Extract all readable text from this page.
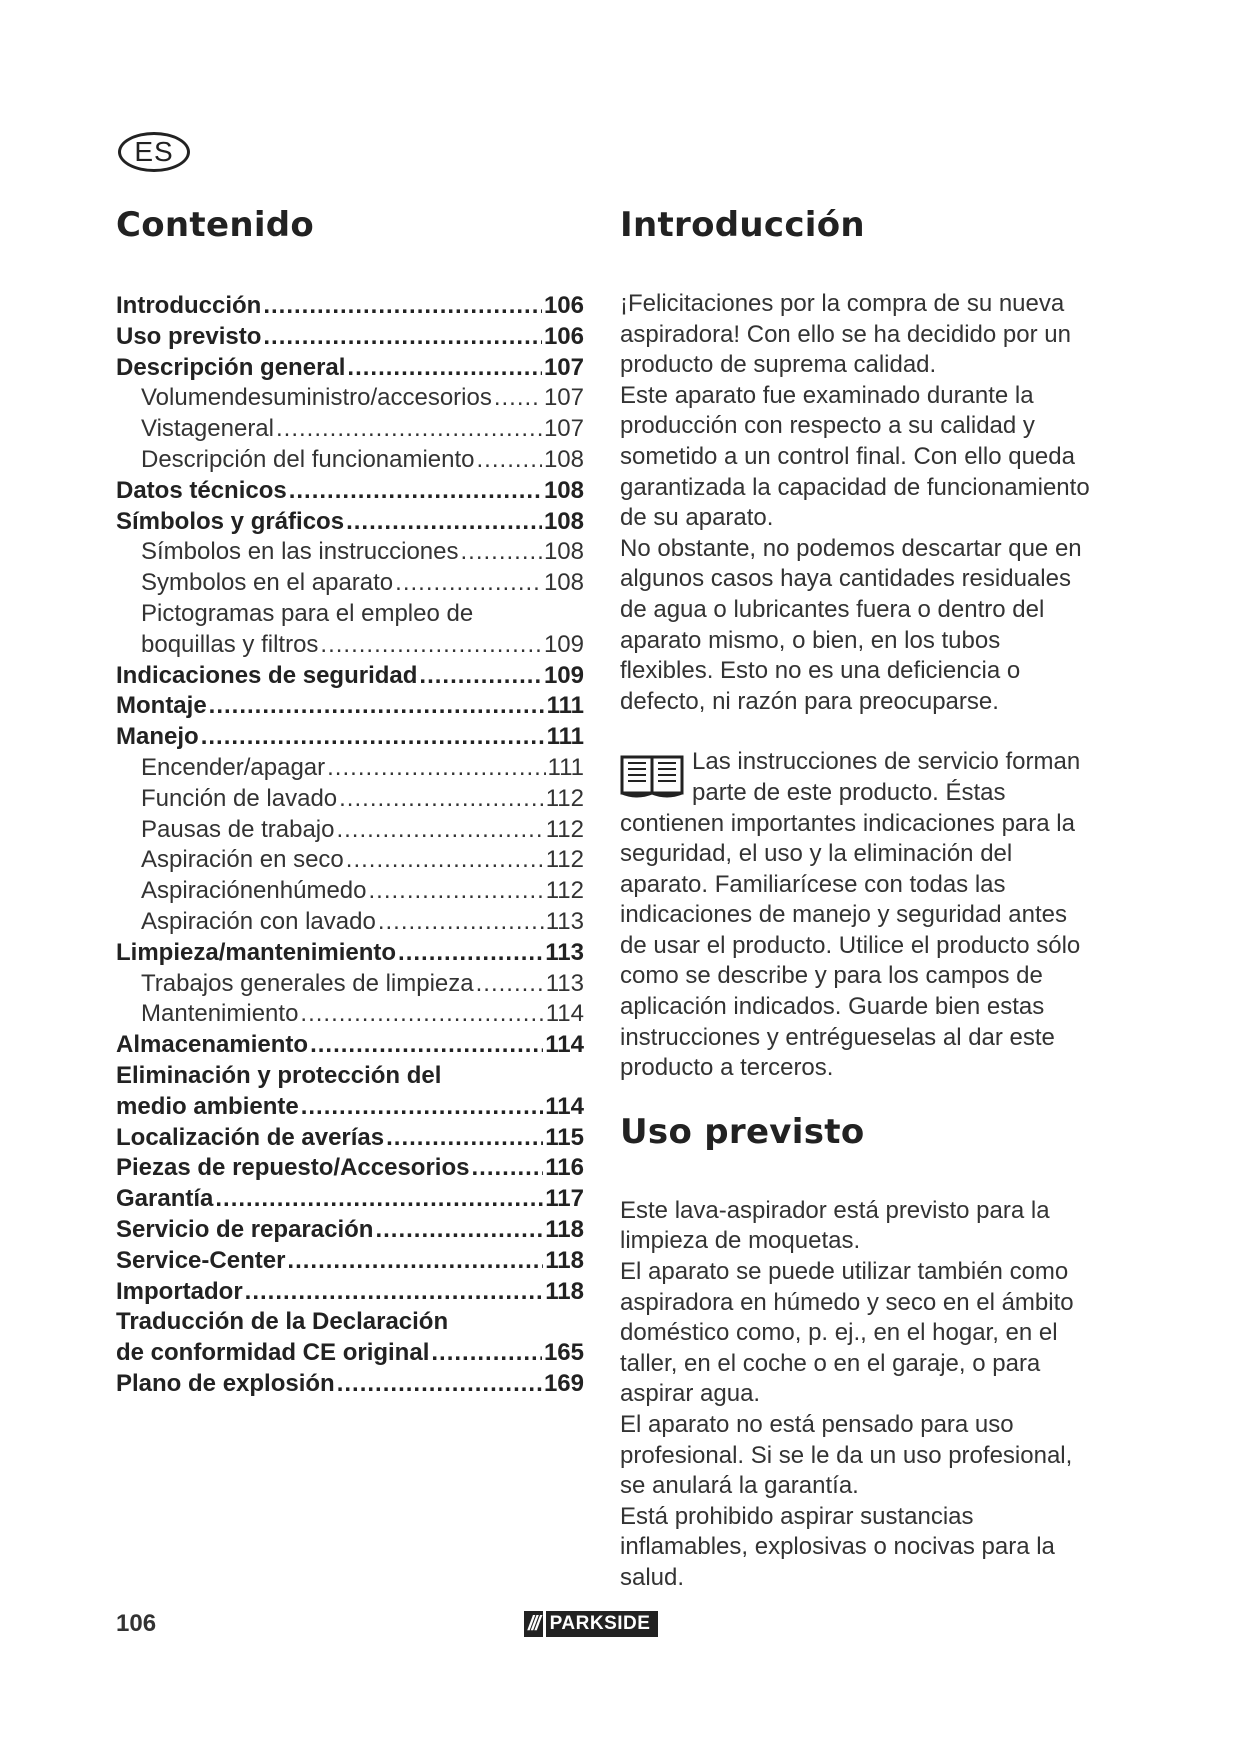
ES
Contenido
Introducción .....	106
Uso previsto .....	106
Descripción general .....	107
Volumendesuministro/accesorios ..... 107
Vistageneral .....	107
Descripción del funcionamiento .....	108
Datos técnicos .....	108
Símbolos y gráficos .....	108
Símbolos en las instrucciones .....	108
Symbolos en el aparato .....	108
Pictogramas para el empleo de
boquillas y filtros .....	109
Indicaciones de seguridad .....	109
Montaje .....	111
Manejo .....	111
Encender/apagar .....	111
Función de lavado .....	112
Pausas de trabajo .....	112
Aspiración en seco .....	112
Aspiraciónenhúmedo .....	112
Aspiración con lavado .....	113
Limpieza/mantenimiento .....	113
Trabajos generales de limpieza .....	113
Mantenimiento .....	114
Almacenamiento .....	114
Eliminación y protección del
medio ambiente .....	114
Localización de averías .....	115
Piezas de repuesto/Accesorios .....	116
Garantía .....	117
Servicio de reparación .....	118
Service-Center .....	118
Importador .....	118
Traducción de la Declaración
de conformidad CE original .....	165
Plano de explosión .....	169
Introducción

¡Felicitaciones por la compra de su nueva aspiradora! Con ello se ha decidido por un producto de suprema calidad.

Este aparato fue examinado durante la producción con respecto a su calidad y sometido a un control final. Con ello queda garantizada la capacidad de funcionamiento de su aparato.

No obstante, no podemos descartar que en algunos casos haya cantidades residuales de agua o lubricantes fuera o dentro del aparato mismo, o bien, en los tubos flexibles. Esto no es una deficiencia o defecto, ni razón para preocuparse.

Las instrucciones de servicio forman parte de este producto. Éstas contienen importantes indicaciones para la seguridad, el uso y la eliminación del aparato. Familiarícese con todas las indicaciones de manejo y seguridad antes de usar el producto. Utilice el producto sólo como se describe y para los campos de aplicación indicados. Guarde bien estas instrucciones y entrégueselas al dar este producto a terceros.

Uso previsto

Este lava-aspirador está previsto para la limpieza de moquetas.

El aparato se puede utilizar también como aspiradora en húmedo y seco en el ámbito doméstico como, p. ej., en el hogar, en el taller, en el coche o en el garaje, o para aspirar agua.

El aparato no está pensado para uso profesional. Si se le da un uso profesional, se anulará la garantía.

Está prohibido aspirar sustancias inflamables, explosivas o nocivas para la salud.

106	/// PARKSIDE
